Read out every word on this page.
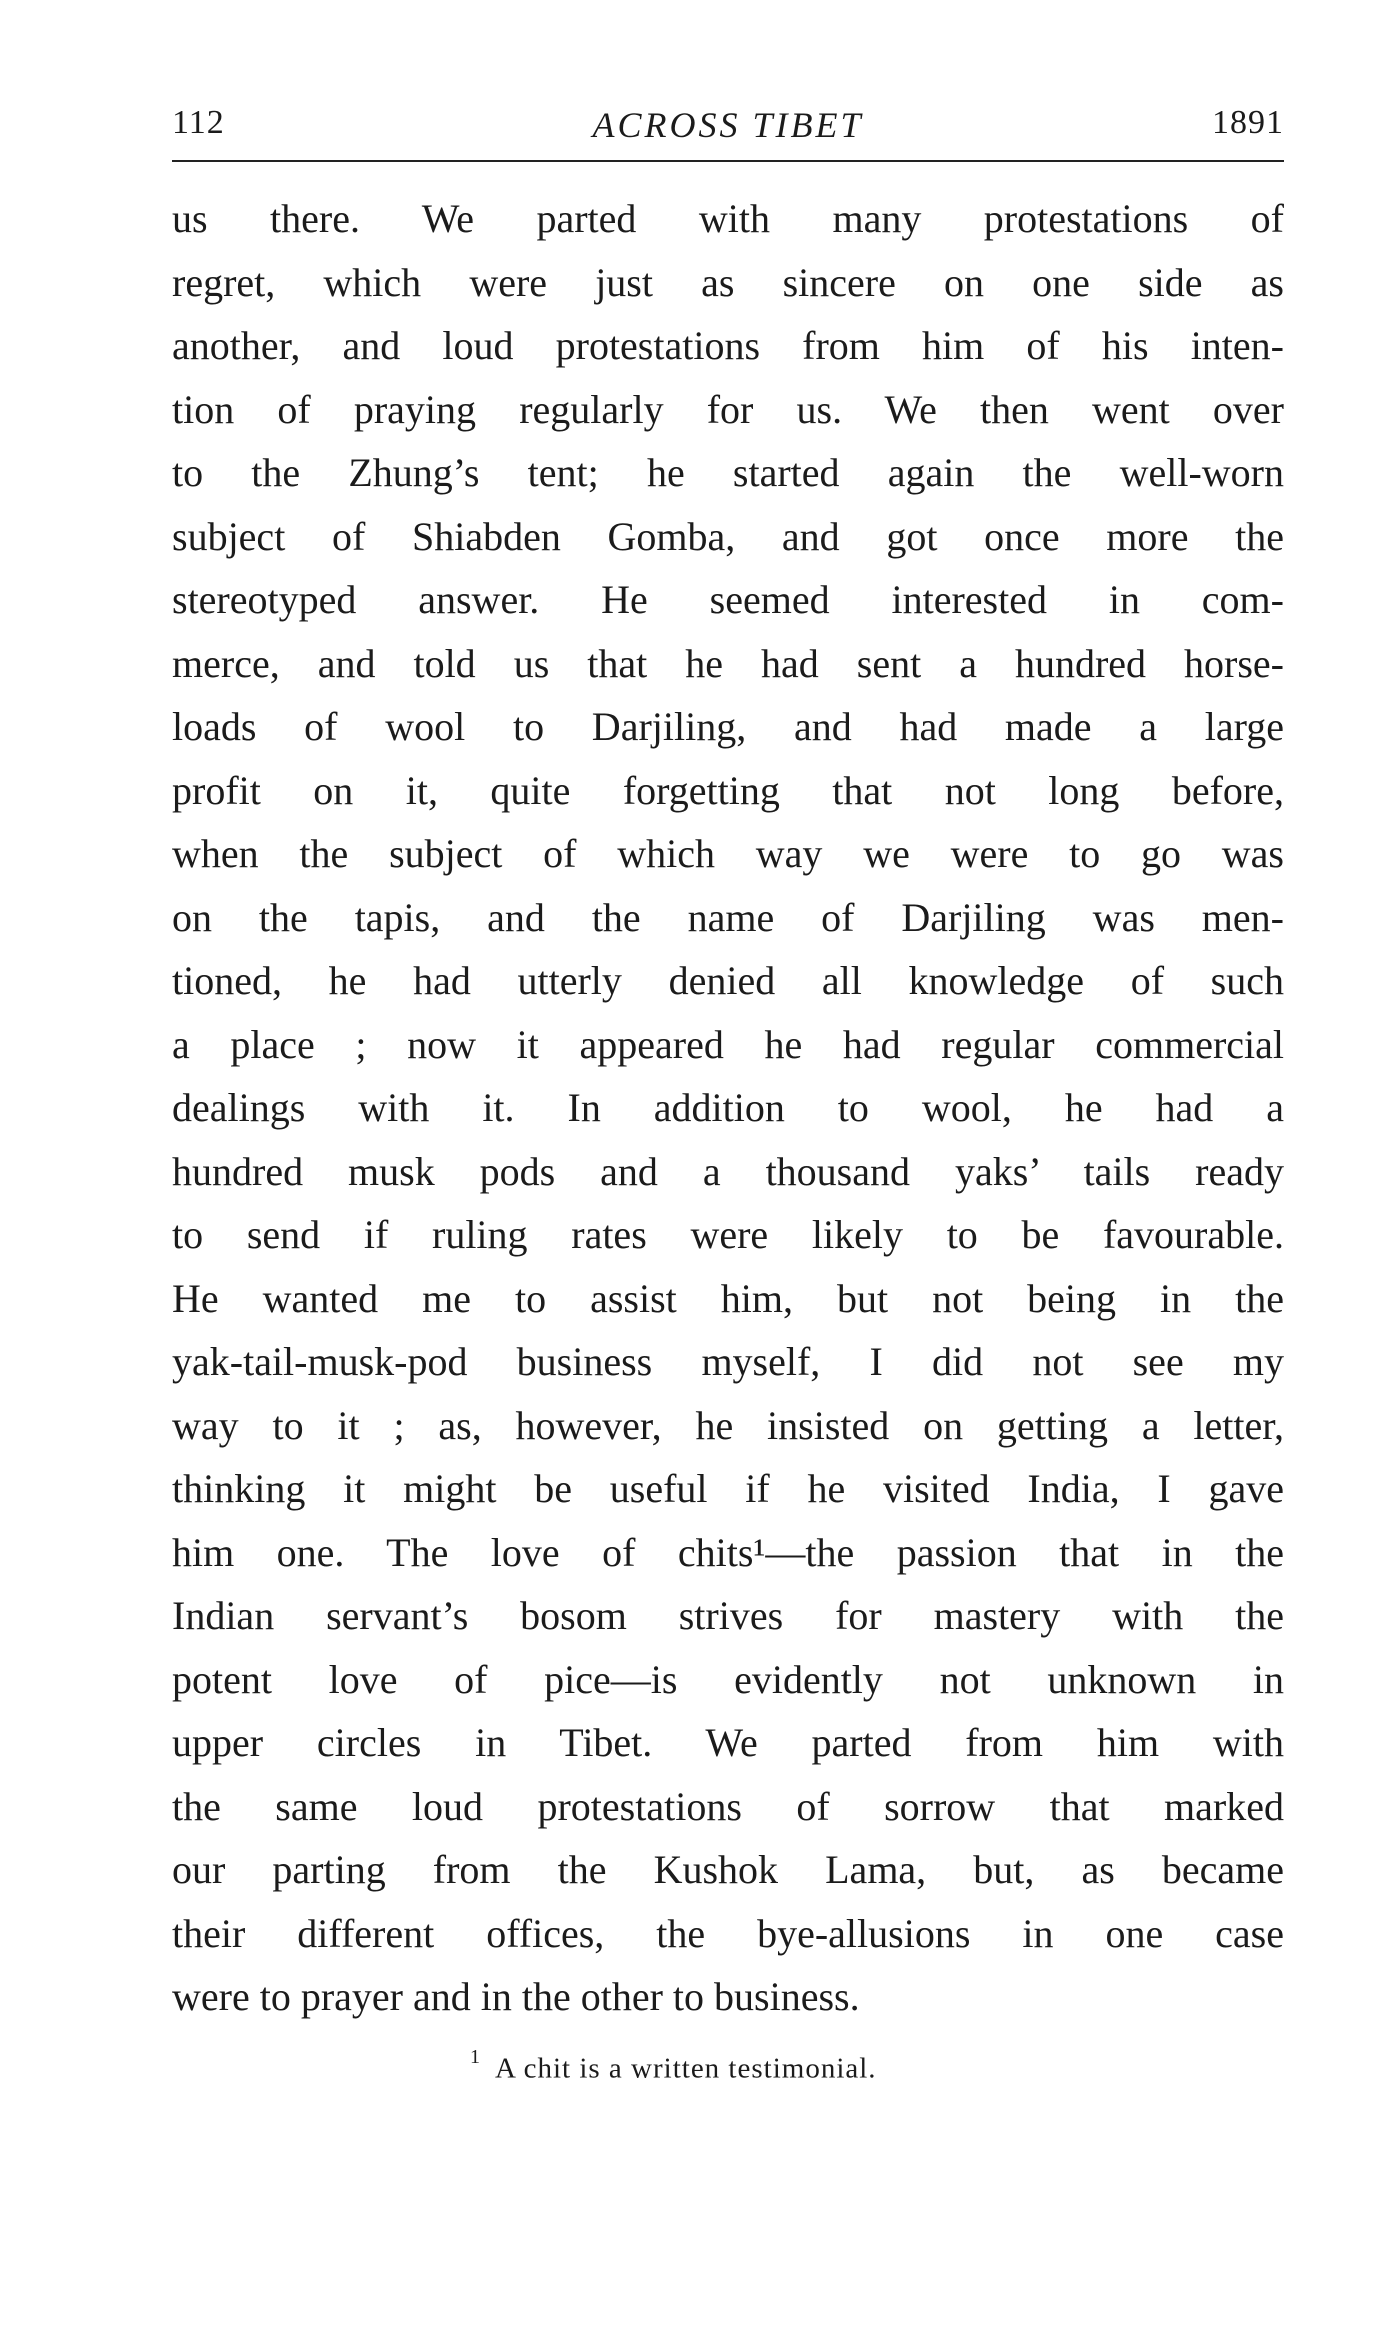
112	ACROSS TIBET	1891
us there. We parted with many protestations of
regret, which were just as sincere on one side as
another, and loud protestations from him of his inten-
tion of praying regularly for us. We then went over
to the Zhung’s tent; he started again the well-worn
subject of Shiabden Gomba, and got once more the
stereotyped answer. He seemed interested in com-
merce, and told us that he had sent a hundred horse-
loads of wool to Darjiling, and had made a large
profit on it, quite forgetting that not long before,
when the subject of which way we were to go was
on the tapis, and the name of Darjiling was men-
tioned, he had utterly denied all knowledge of such
a place ; now it appeared he had regular commercial
dealings with it. In addition to wool, he had a
hundred musk pods and a thousand yaks’ tails ready
to send if ruling rates were likely to be favourable.
He wanted me to assist him, but not being in the
yak-tail-musk-pod business myself, I did not see my
way to it ; as, however, he insisted on getting a letter,
thinking it might be useful if he visited India, I gave
him one. The love of chits¹—the passion that in the
Indian servant’s bosom strives for mastery with the
potent love of pice—is evidently not unknown in
upper circles in Tibet. We parted from him with
the same loud protestations of sorrow that marked
our parting from the Kushok Lama, but, as became
their different offices, the bye-allusions in one case
were to prayer and in the other to business.
$^1$ A chit is a written testimonial.
